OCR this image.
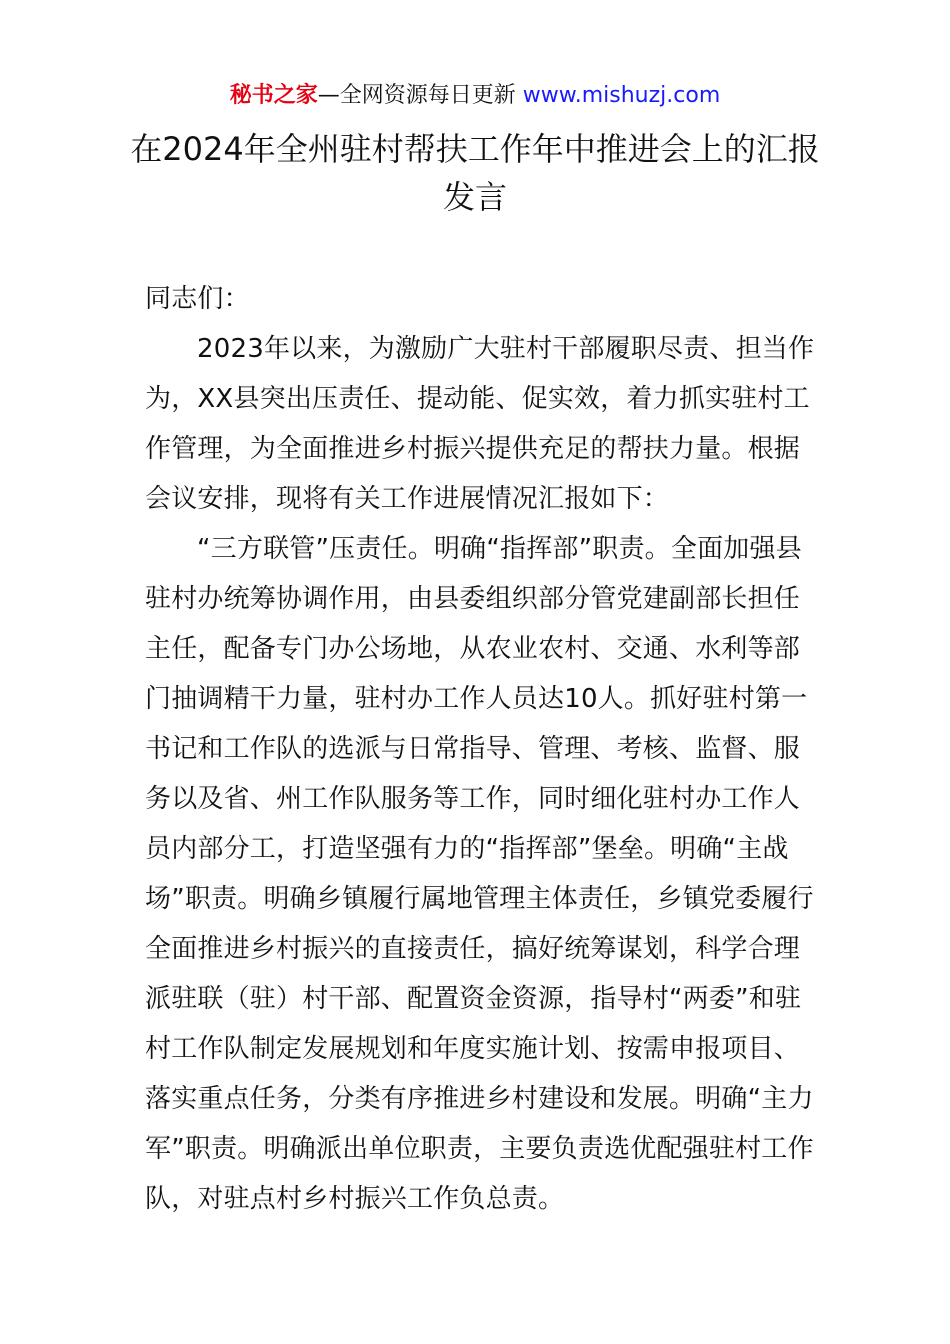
秘书之家—全网资源每日更新 www.mishuzj.com
在2024年全州驻村帮扶工作年中推进会上的汇报发言

同志们：

2023年以来，为激励广大驻村干部履职尽责、担当作为，XX县突出压责任、提动能、促实效，着力抓实驻村工作管理，为全面推进乡村振兴提供充足的帮扶力量。根据会议安排，现将有关工作进展情况汇报如下：

“三方联管”压责任。明确“指挥部”职责。全面加强县驻村办统筹协调作用，由县委组织部分管党建副部长担任主任，配备专门办公场地，从农业农村、交通、水利等部门抽调精干力量，驻村办工作人员达10人。抓好驻村第一书记和工作队的选派与日常指导、管理、考核、监督、服务以及省、州工作队服务等工作，同时细化驻村办工作人员内部分工，打造坚强有力的“指挥部”堡垒。明确“主战场”职责。明确乡镇履行属地管理主体责任，乡镇党委履行全面推进乡村振兴的直接责任，搞好统筹谋划，科学合理派驻联（驻）村干部、配置资金资源，指导村“两委”和驻村工作队制定发展规划和年度实施计划、按需申报项目、落实重点任务，分类有序推进乡村建设和发展。明确“主力军”职责。明确派出单位职责，主要负责选优配强驻村工作队，对驻点村乡村振兴工作负总责。
